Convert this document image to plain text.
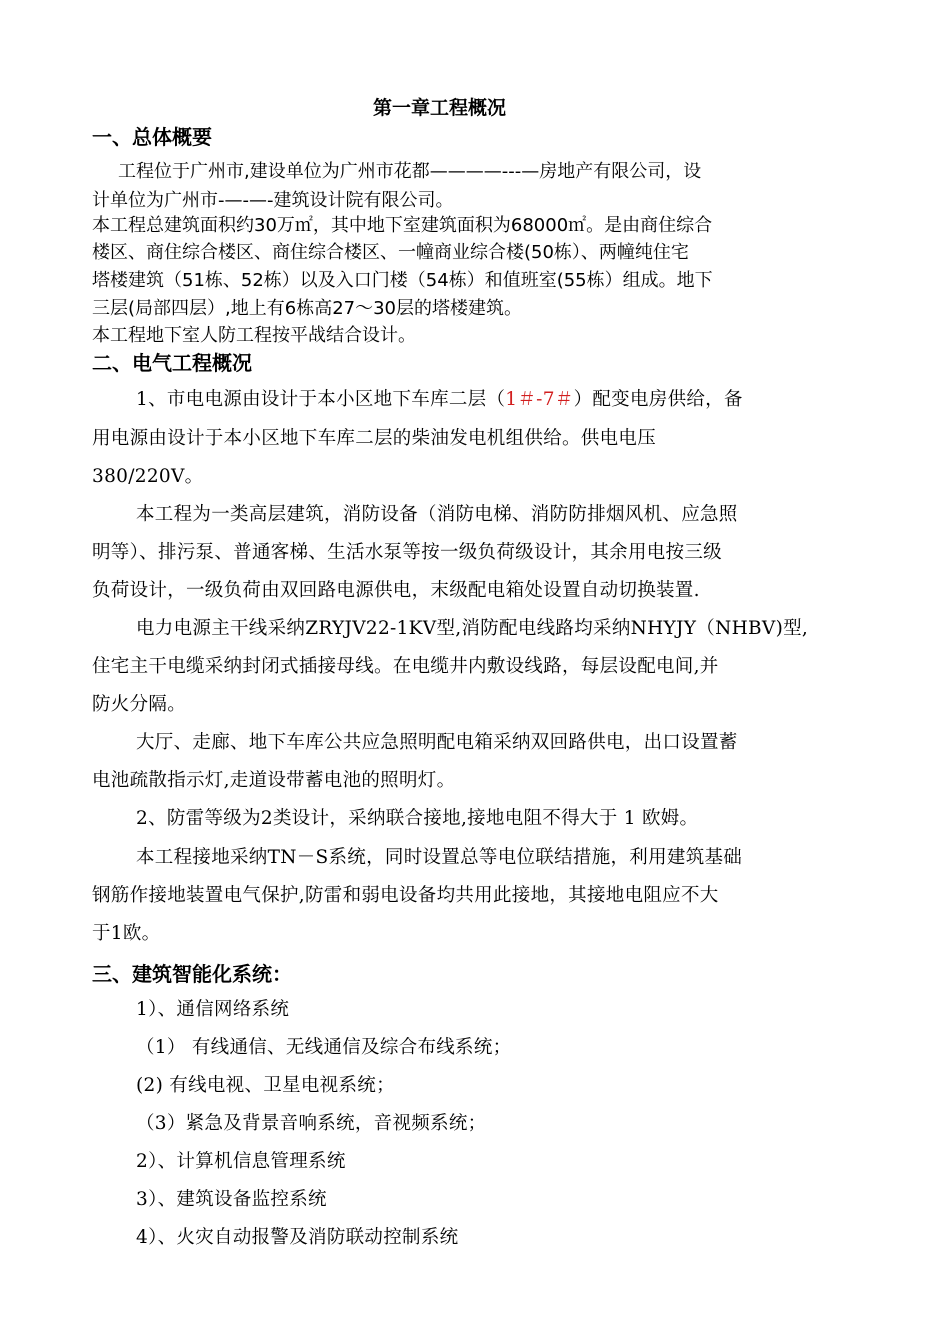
第一章工程概况
一、总体概要
工程位于广州市,建设单位为广州市花都————---—房地产有限公司，设
计单位为广州市-—-—-建筑设计院有限公司。
本工程总建筑面积约30万㎡，其中地下室建筑面积为68000㎡。是由商住综合
楼区、商住综合楼区、商住综合楼区、一幢商业综合楼(50栋）、两幢纯住宅
塔楼建筑（51栋、52栋）以及入口门楼（54栋）和值班室(55栋）组成。地下
三层(局部四层）,地上有6栋高27～30层的塔楼建筑。
本工程地下室人防工程按平战结合设计。
二、电气工程概况
1、市电电源由设计于本小区地下车库二层（1＃-7＃）配变电房供给，备
用电源由设计于本小区地下车库二层的柴油发电机组供给。供电电压
380/220V。
本工程为一类高层建筑，消防设备（消防电梯、消防防排烟风机、应急照
明等）、排污泵、普通客梯、生活水泵等按一级负荷级设计，其余用电按三级
负荷设计，一级负荷由双回路电源供电，末级配电箱处设置自动切换装置.
电力电源主干线采纳ZRYJV22-1KV型,消防配电线路均采纳NHYJY（NHBV)型,
住宅主干电缆采纳封闭式插接母线。在电缆井内敷设线路，每层设配电间,并
防火分隔。
大厅、走廊、地下车库公共应急照明配电箱采纳双回路供电，出口设置蓄
电池疏散指示灯,走道设带蓄电池的照明灯。
2、防雷等级为2类设计，采纳联合接地,接地电阻不得大于 1 欧姆。
本工程接地采纳TN－S系统，同时设置总等电位联结措施，利用建筑基础
钢筋作接地装置电气保护,防雷和弱电设备均共用此接地，其接地电阻应不大
于1欧。
三、建筑智能化系统：
1）、通信网络系统
（1） 有线通信、无线通信及综合布线系统；
(2) 有线电视、卫星电视系统；
（3）紧急及背景音响系统，音视频系统；
2）、计算机信息管理系统
3）、建筑设备监控系统
4）、火灾自动报警及消防联动控制系统
